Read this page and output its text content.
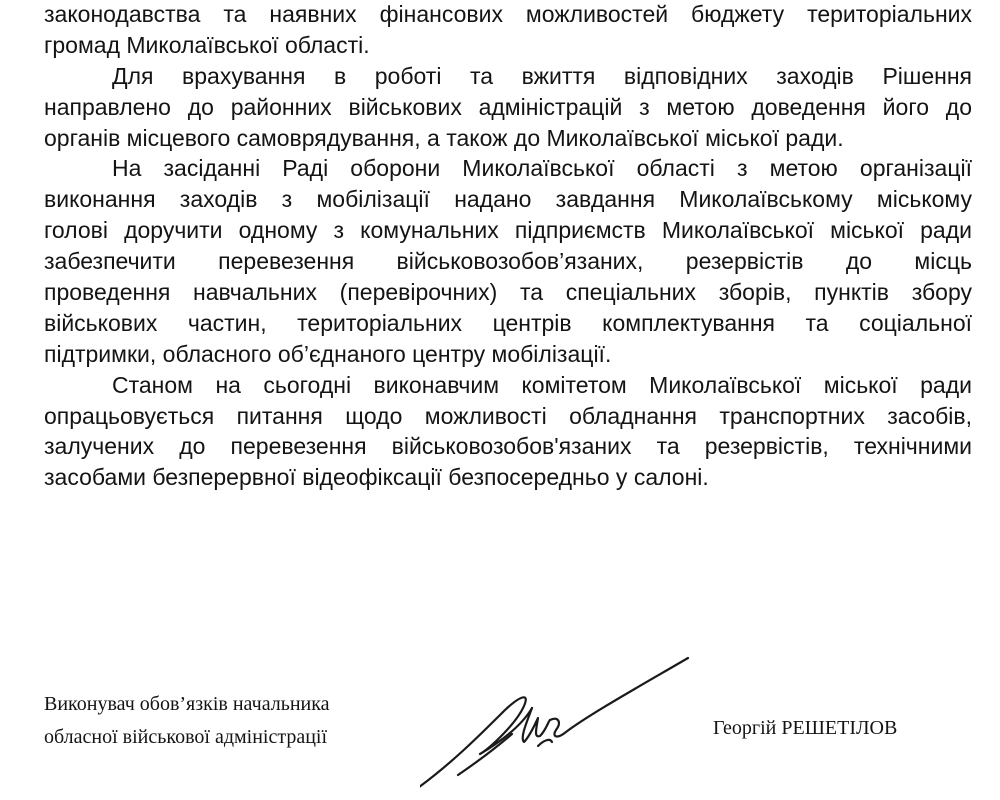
законодавства та наявних фінансових можливостей бюджету територіальних
громад Миколаївської області.
Для врахування в роботі та вжиття відповідних заходів Рішення
направлено до районних військових адміністрацій з метою доведення його до
органів місцевого самоврядування, а також до Миколаївської міської ради.
На засіданні Раді оборони Миколаївської області з метою організації
виконання заходів з мобілізації надано завдання Миколаївському міському
голові доручити одному з комунальних підприємств Миколаївської міської ради
забезпечити перевезення військовозобов’язаних, резервістів до місць
проведення навчальних (перевірочних) та спеціальних зборів, пунктів збору
військових частин, територіальних центрів комплектування та соціальної
підтримки, обласного об’єднаного центру мобілізації.
Станом на сьогодні виконавчим комітетом Миколаївської міської ради
опрацьовується питання щодо можливості обладнання транспортних засобів,
залучених до перевезення військовозобов'язаних та резервістів, технічними
засобами безперервної відеофіксації безпосередньо у салоні.
Виконувач обов’язків начальника
обласної військової адміністрації	Георгій РЕШЕТІЛОВ
